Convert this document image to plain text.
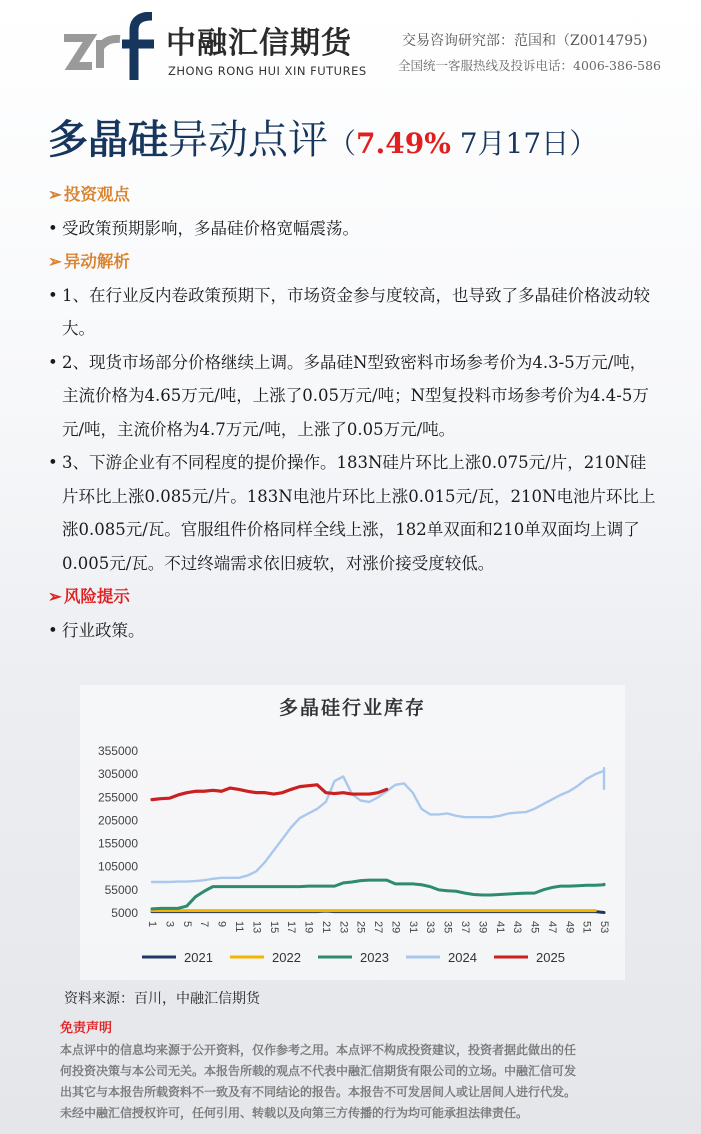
中融汇信期货
ZHONG RONG HUI XIN FUTURES
交易咨询研究部：范国和（Z0014795)
全国统一客服热线及投诉电话：4006-386-586
多晶硅异动点评（7.49% 7月17日）
➢ 投资观点
• 受政策预期影响，多晶硅价格宽幅震荡。
➢ 异动解析
• 1、在行业反内卷政策预期下，市场资金参与度较高，也导致了多晶硅价格波动较大。
• 2、现货市场部分价格继续上调。多晶硅N型致密料市场参考价为4.3-5万元/吨，主流价格为4.65万元/吨，上涨了0.05万元/吨；N型复投料市场参考价为4.4-5万元/吨，主流价格为4.7万元/吨，上涨了0.05万元/吨。
• 3、下游企业有不同程度的提价操作。183N硅片环比上涨0.075元/片，210N硅片环比上涨0.085元/片。183N电池片环比上涨0.015元/瓦，210N电池片环比上涨0.085元/瓦。官服组件价格同样全线上涨，182单双面和210单双面均上调了0.005元/瓦。不过终端需求依旧疲软，对涨价接受度较低。
➢ 风险提示
• 行业政策。
多晶硅行业库存
5000
55000
105000
155000
205000
255000
305000
355000
1 3 5 7 9 11 13 15 17 19 21 23 25 27 29 31 33 35 37 39 41 43 45 47 49 51 53
2021	2022	2023	2024	2025
资料来源：百川，中融汇信期货
免责声明
本点评中的信息均来源于公开资料，仅作参考之用。本点评不构成投资建议，投资者据此做出的任
何投资决策与本公司无关。本报告所载的观点不代表中融汇信期货有限公司的立场。中融汇信可发
出其它与本报告所载资料不一致及有不同结论的报告。本报告不可发居间人或让居间人进行代发。
未经中融汇信授权许可，任何引用、转载以及向第三方传播的行为均可能承担法律责任。
